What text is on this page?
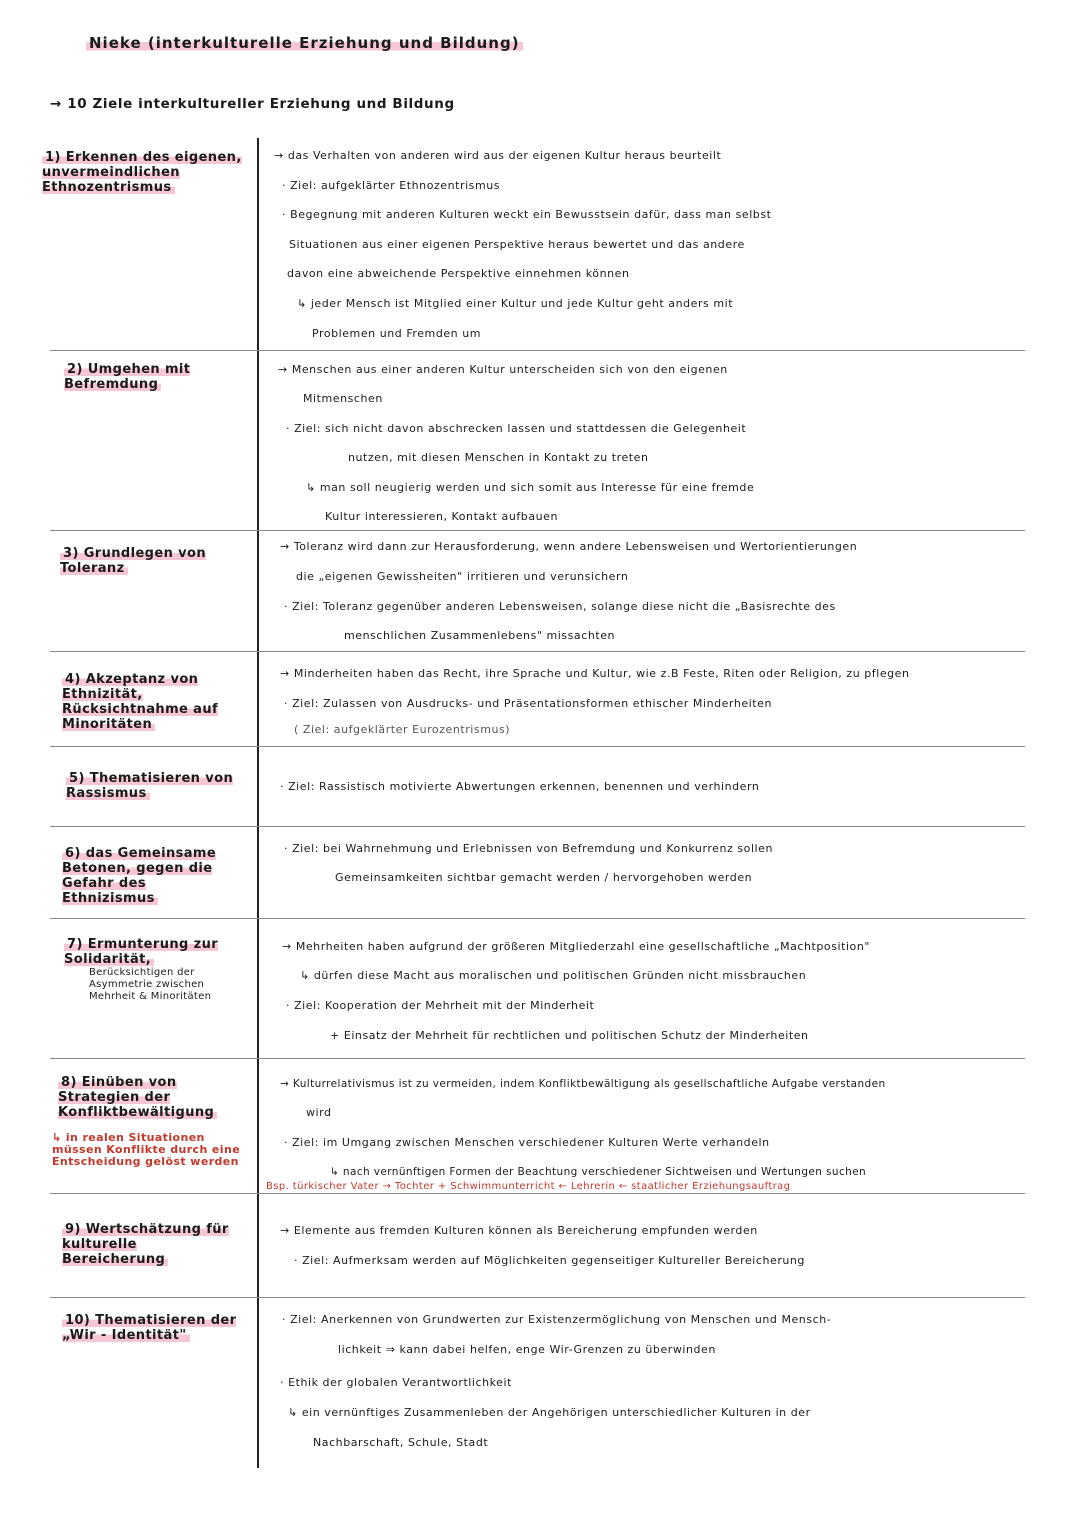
Nieke (interkulturelle Erziehung und Bildung)
→ 10 Ziele interkultureller Erziehung und Bildung
1) Erkennen des eigenen, unvermeindlichen Ethnozentrismus
→ das Verhalten von anderen wird aus der eigenen Kultur heraus beurteilt
· Ziel: aufgeklärter Ethnozentrismus
· Begegnung mit anderen Kulturen weckt ein Bewusstsein dafür, dass man selbst
Situationen aus einer eigenen Perspektive heraus bewertet und das andere
davon eine abweichende Perspektive einnehmen können
↳ jeder Mensch ist Mitglied einer Kultur und jede Kultur geht anders mit
Problemen und Fremden um
2) Umgehen mit Befremdung
→ Menschen aus einer anderen Kultur unterscheiden sich von den eigenen
Mitmenschen
· Ziel: sich nicht davon abschrecken lassen und stattdessen die Gelegenheit
nutzen, mit diesen Menschen in Kontakt zu treten
↳ man soll neugierig werden und sich somit aus Interesse für eine fremde
Kultur interessieren, Kontakt aufbauen
3) Grundlegen von Toleranz
→ Toleranz wird dann zur Herausforderung, wenn andere Lebensweisen und Wertorientierungen
die „eigenen Gewissheiten" irritieren und verunsichern
· Ziel: Toleranz gegenüber anderen Lebensweisen, solange diese nicht die „Basisrechte des
menschlichen Zusammenlebens" missachten
4) Akzeptanz von Ethnizität, Rücksichtnahme auf Minoritäten
→ Minderheiten haben das Recht, ihre Sprache und Kultur, wie z.B Feste, Riten oder Religion, zu pflegen
· Ziel: Zulassen von Ausdrucks- und Präsentationsformen ethischer Minderheiten
( Ziel: aufgeklärter Eurozentrismus)
5) Thematisieren von Rassismus	· Ziel: Rassistisch motivierte Abwertungen erkennen, benennen und verhindern
6) das Gemeinsame Betonen, gegen die Gefahr des Ethnizismus
· Ziel: bei Wahrnehmung und Erlebnissen von Befremdung und Konkurrenz sollen
Gemeinsamkeiten sichtbar gemacht werden / hervorgehoben werden
7) Ermunterung zur Solidarität,
Berücksichtigen der Asymmetrie zwischen Mehrheit & Minoritäten
→ Mehrheiten haben aufgrund der größeren Mitgliederzahl eine gesellschaftliche „Machtposition"
↳ dürfen diese Macht aus moralischen und politischen Gründen nicht missbrauchen
· Ziel: Kooperation der Mehrheit mit der Minderheit
+ Einsatz der Mehrheit für rechtlichen und politischen Schutz der Minderheiten
8) Einüben von Strategien der Konfliktbewältigung
↳ in realen Situationen müssen Konflikte durch eine Entscheidung gelöst werden
→ Kulturrelativismus ist zu vermeiden, indem Konfliktbewältigung als gesellschaftliche Aufgabe verstanden
wird
· Ziel: im Umgang zwischen Menschen verschiedener Kulturen Werte verhandeln
↳ nach vernünftigen Formen der Beachtung verschiedener Sichtweisen und Wertungen suchen
Bsp. türkischer Vater → Tochter + Schwimmunterricht ← Lehrerin ← staatlicher Erziehungsauftrag
9) Wertschätzung für kulturelle Bereicherung
→ Elemente aus fremden Kulturen können als Bereicherung empfunden werden
· Ziel: Aufmerksam werden auf Möglichkeiten gegenseitiger Kultureller Bereicherung
10) Thematisieren der „Wir - Identität"
· Ziel: Anerkennen von Grundwerten zur Existenzermöglichung von Menschen und Mensch-
lichkeit ⇒ kann dabei helfen, enge Wir-Grenzen zu überwinden
· Ethik der globalen Verantwortlichkeit
↳ ein vernünftiges Zusammenleben der Angehörigen unterschiedlicher Kulturen in der
Nachbarschaft, Schule, Stadt
